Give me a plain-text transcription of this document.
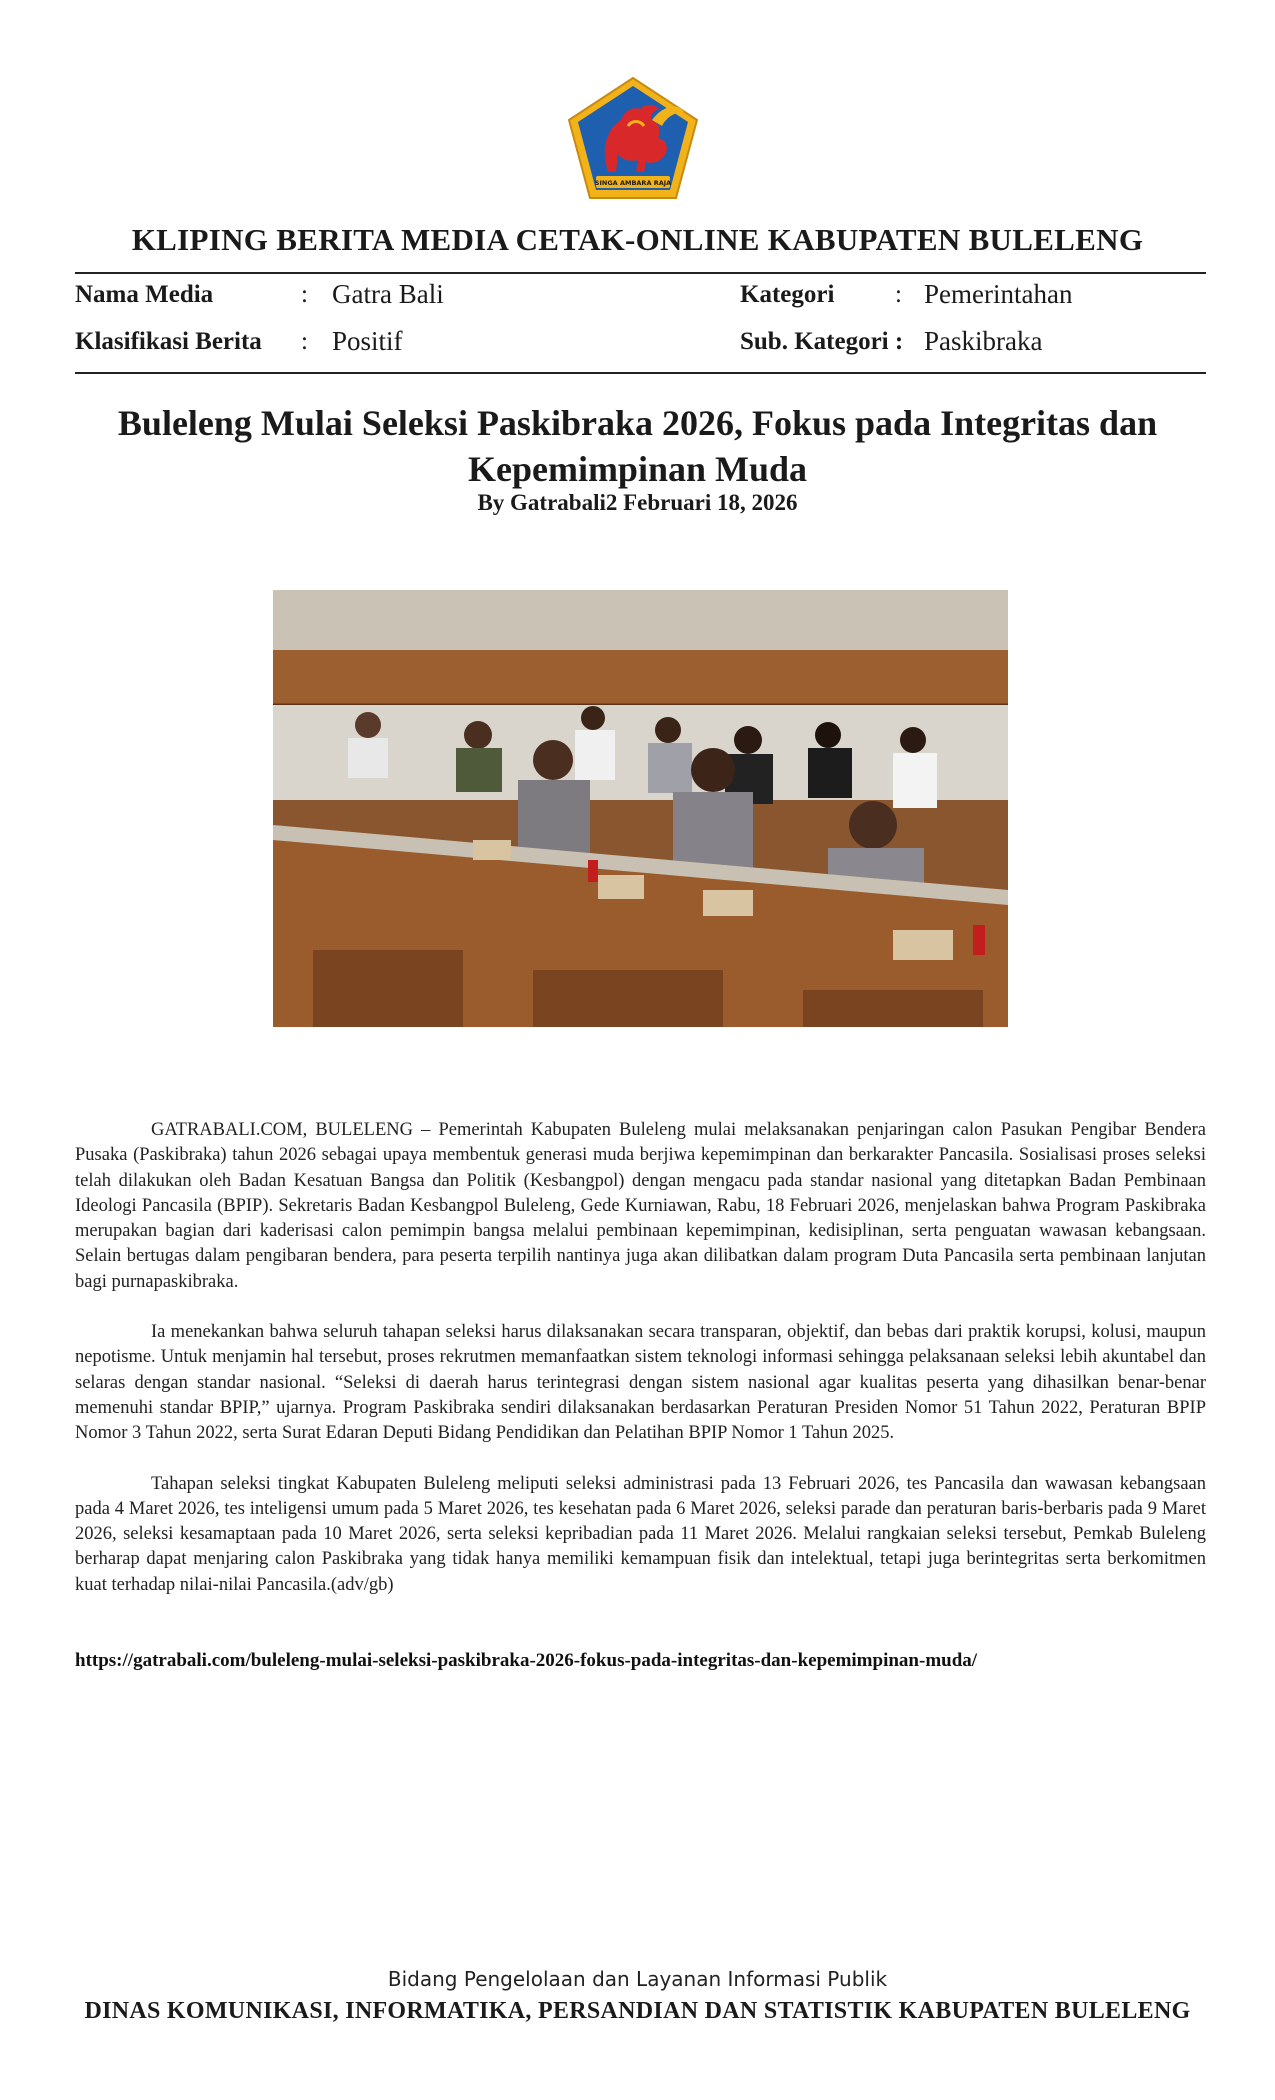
SINGA AMBARA RAJA
KLIPING BERITA MEDIA CETAK-ONLINE KABUPATEN BULELENG
Nama Media	: Gatra Bali	Kategori : Pemerintahan
Klasifikasi Berita : Positif	Sub. Kategori : Paskibraka
Buleleng Mulai Seleksi Paskibraka 2026, Fokus pada Integritas dan Kepemimpinan Muda
By Gatrabali2 Februari 18, 2026

GATRABALI.COM, BULELENG – Pemerintah Kabupaten Buleleng mulai melaksanakan penjaringan calon Pasukan Pengibar Bendera Pusaka (Paskibraka) tahun 2026 sebagai upaya membentuk generasi muda berjiwa kepemimpinan dan berkarakter Pancasila. Sosialisasi proses seleksi telah dilakukan oleh Badan Kesatuan Bangsa dan Politik (Kesbangpol) dengan mengacu pada standar nasional yang ditetapkan Badan Pembinaan Ideologi Pancasila (BPIP). Sekretaris Badan Kesbangpol Buleleng, Gede Kurniawan, Rabu, 18 Februari 2026, menjelaskan bahwa Program Paskibraka merupakan bagian dari kaderisasi calon pemimpin bangsa melalui pembinaan kepemimpinan, kedisiplinan, serta penguatan wawasan kebangsaan. Selain bertugas dalam pengibaran bendera, para peserta terpilih nantinya juga akan dilibatkan dalam program Duta Pancasila serta pembinaan lanjutan bagi purnapaskibraka.

Ia menekankan bahwa seluruh tahapan seleksi harus dilaksanakan secara transparan, objektif, dan bebas dari praktik korupsi, kolusi, maupun nepotisme. Untuk menjamin hal tersebut, proses rekrutmen memanfaatkan sistem teknologi informasi sehingga pelaksanaan seleksi lebih akuntabel dan selaras dengan standar nasional. “Seleksi di daerah harus terintegrasi dengan sistem nasional agar kualitas peserta yang dihasilkan benar-benar memenuhi standar BPIP,” ujarnya. Program Paskibraka sendiri dilaksanakan berdasarkan Peraturan Presiden Nomor 51 Tahun 2022, Peraturan BPIP Nomor 3 Tahun 2022, serta Surat Edaran Deputi Bidang Pendidikan dan Pelatihan BPIP Nomor 1 Tahun 2025.

Tahapan seleksi tingkat Kabupaten Buleleng meliputi seleksi administrasi pada 13 Februari 2026, tes Pancasila dan wawasan kebangsaan pada 4 Maret 2026, tes inteligensi umum pada 5 Maret 2026, tes kesehatan pada 6 Maret 2026, seleksi parade dan peraturan baris-berbaris pada 9 Maret 2026, seleksi kesamaptaan pada 10 Maret 2026, serta seleksi kepribadian pada 11 Maret 2026. Melalui rangkaian seleksi tersebut, Pemkab Buleleng berharap dapat menjaring calon Paskibraka yang tidak hanya memiliki kemampuan fisik dan intelektual, tetapi juga berintegritas serta berkomitmen kuat terhadap nilai-nilai Pancasila.(adv/gb)

https://gatrabali.com/buleleng-mulai-seleksi-paskibraka-2026-fokus-pada-integritas-dan-kepemimpinan-muda/
Bidang Pengelolaan dan Layanan Informasi Publik
DINAS KOMUNIKASI, INFORMATIKA, PERSANDIAN DAN STATISTIK KABUPATEN BULELENG
